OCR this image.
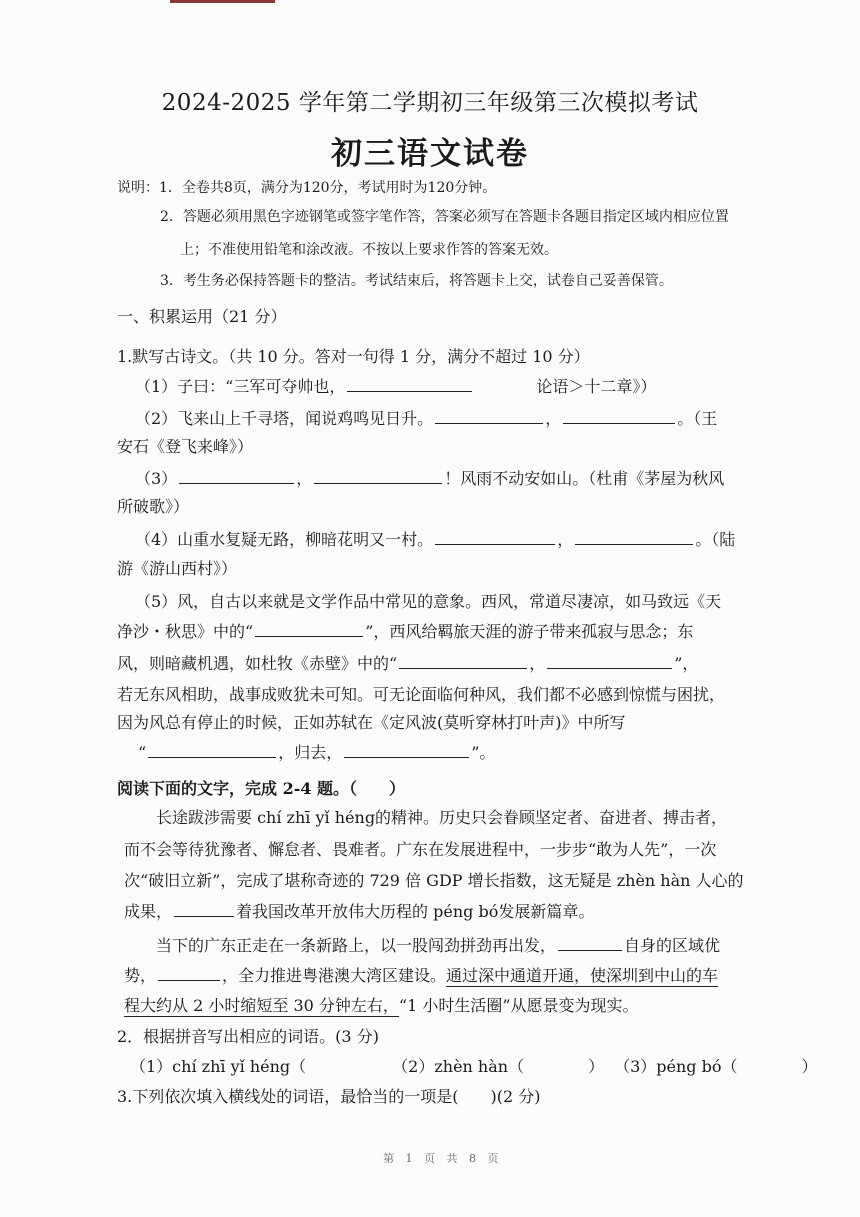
2024-2025 学年第二学期初三年级第三次模拟考试
初三语文试卷
说明：1．全卷共8页，满分为120分，考试用时为120分钟。
2．答题必须用黑色字迹钢笔或签字笔作答，答案必须写在答题卡各题目指定区域内相应位置
上；不准使用铅笔和涂改液。不按以上要求作答的答案无效。
3．考生务必保持答题卡的整洁。考试结束后，将答题卡上交，试卷自己妥善保管。
一、积累运用（21 分）
1.默写古诗文。（共 10 分。答对一句得 1 分，满分不超过 10 分）
（1）子曰：“三军可夺帅也，	论语＞十二章》）
（2）飞来山上千寻塔，闻说鸡鸣见日升。	，	。（王
安石《登飞来峰》）
（3）	，	！风雨不动安如山。（杜甫《茅屋为秋风
所破歌》）
（4）山重水复疑无路，柳暗花明又一村。	，	。（陆
游《游山西村》）
（5）风，自古以来就是文学作品中常见的意象。西风，常道尽凄凉，如马致远《天
净沙・秋思》中的“	”，西风给羁旅天涯的游子带来孤寂与思念；东
风，则暗藏机遇，如杜牧《赤壁》中的“	，	”，
若无东风相助，战事成败犹未可知。可无论面临何种风，我们都不必感到惊慌与困扰，
因为风总有停止的时候，正如苏轼在《定风波(莫听穿林打叶声)》中所写
“	，归去，	”。
阅读下面的文字，完成 2-4 题。（　　）
长途跋涉需要 chí zhī yǐ héng的精神。历史只会眷顾坚定者、奋进者、搏击者，
而不会等待犹豫者、懈怠者、畏难者。广东在发展进程中，一步步“敢为人先”，一次
次“破旧立新”，完成了堪称奇迹的 729 倍 GDP 增长指数，这无疑是 zhèn hàn 人心的
成果，	着我国改革开放伟大历程的 péng bó发展新篇章。
当下的广东正走在一条新路上，以一股闯劲拼劲再出发，	自身的区域优
势，	，全力推进粤港澳大湾区建设。通过深中通道开通，使深圳到中山的车
程大约从 2 小时缩短至 30 分钟左右，“1 小时生活圈”从愿景变为现实。
2．根据拼音写出相应的词语。(3 分)
（1）chí zhī yǐ héng（	（2）zhèn hàn（　　　　） （3）péng bó（　　　　）
3.下列依次填入横线处的词语，最恰当的一项是(　　)(2 分)
第 1 页 共 8 页
